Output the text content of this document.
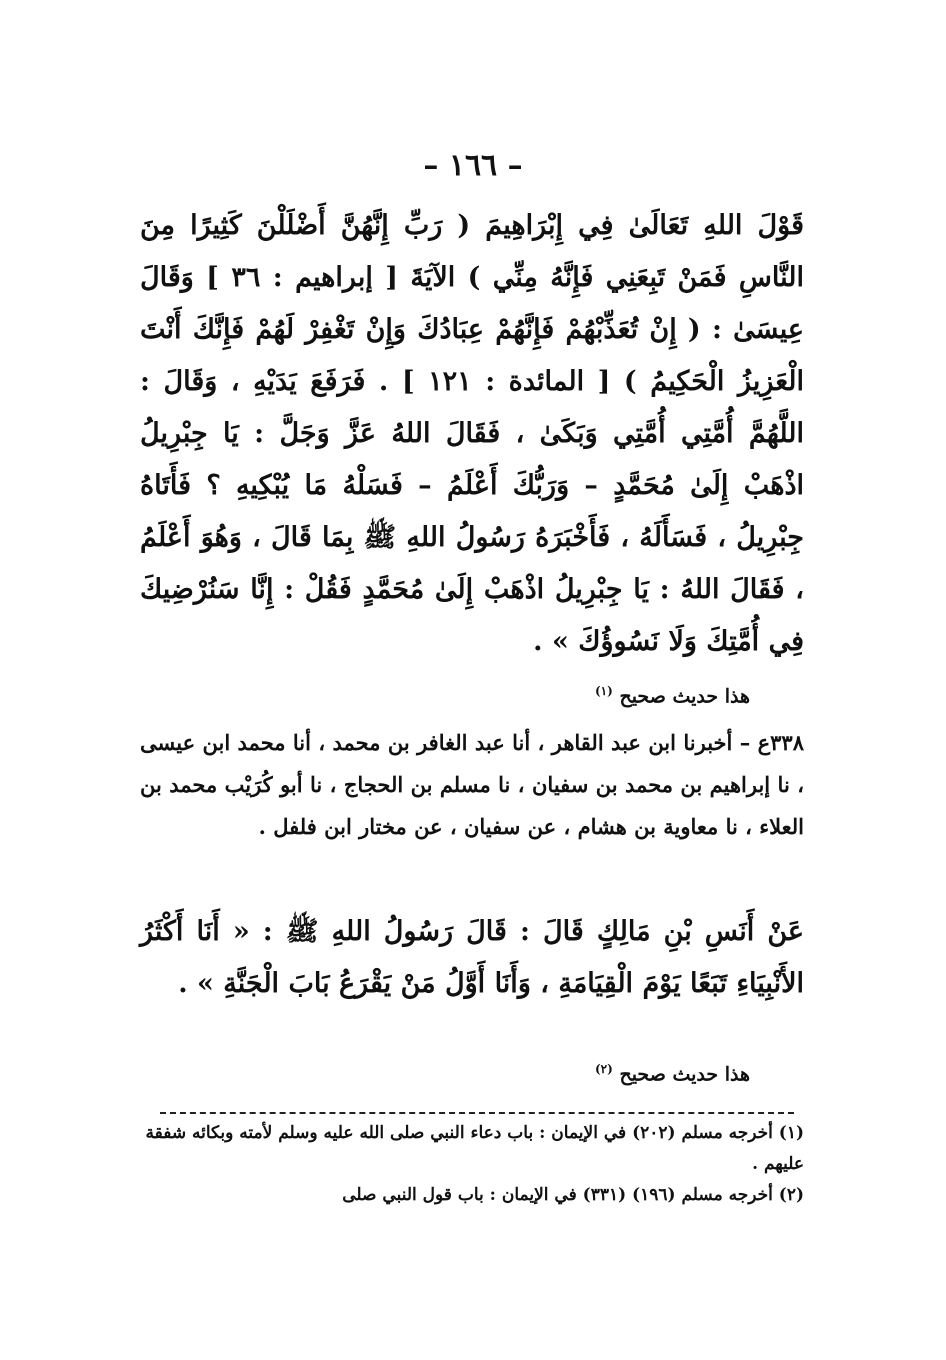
– ١٦٦ –
قَوْلَ اللهِ تَعَالَىٰ فِي إِبْرَاهِيمَ ( رَبِّ إِنَّهُنَّ أَضْلَلْنَ كَثِيرًا مِنَ النَّاسِ فَمَنْ تَبِعَنِي فَإِنَّهُ مِنِّي ) الآيَةَ [ إبراهيم : ٣٦ ] وَقَالَ عِيسَىٰ : ( إِنْ تُعَذِّبْهُمْ فَإِنَّهُمْ عِبَادُكَ وَإِنْ تَغْفِرْ لَهُمْ فَإِنَّكَ أَنْتَ الْعَزِيزُ الْحَكِيمُ ) [ المائدة : ١٢١ ] . فَرَفَعَ يَدَيْهِ ، وَقَالَ : اللَّهُمَّ أُمَّتِي أُمَّتِي وَبَكَىٰ ، فَقَالَ اللهُ عَزَّ وَجَلَّ : يَا جِبْرِيلُ اذْهَبْ إِلَىٰ مُحَمَّدٍ – وَرَبُّكَ أَعْلَمُ – فَسَلْهُ مَا يُبْكِيهِ ؟ فَأَتَاهُ جِبْرِيلُ ، فَسَأَلَهُ ، فَأَخْبَرَهُ رَسُولُ اللهِ ﷺ بِمَا قَالَ ، وَهُوَ أَعْلَمُ ، فَقَالَ اللهُ : يَا جِبْرِيلُ اذْهَبْ إِلَىٰ مُحَمَّدٍ فَقُلْ : إِنَّا سَنُرْضِيكَ فِي أُمَّتِكَ وَلَا نَسُوؤُكَ » .
هذا حديث صحيح $^{(١)}$
٣٣٨ع – أخبرنا ابن عبد القاهر ، أنا عبد الغافر بن محمد ، أنا محمد ابن عيسى ، نا إبراهيم بن محمد بن سفيان ، نا مسلم بن الحجاج ، نا أبو كُرَيْب محمد بن العلاء ، نا معاوية بن هشام ، عن سفيان ، عن مختار ابن فلفل .
عَنْ أَنَسِ بْنِ مَالِكٍ قَالَ : قَالَ رَسُولُ اللهِ ﷺ : « أَنَا أَكْثَرُ الأَنْبِيَاءِ تَبَعًا يَوْمَ الْقِيَامَةِ ، وَأَنَا أَوَّلُ مَنْ يَقْرَعُ بَابَ الْجَنَّةِ » .
هذا حديث صحيح $^{(٢)}$

(١) أخرجه مسلم (٢٠٢) في الإيمان : باب دعاء النبي صلى الله عليه وسلم لأمته وبكائه شفقة عليهم .

(٢) أخرجه مسلم (١٩٦) (٣٣١) في الإيمان : باب قول النبي صلى
